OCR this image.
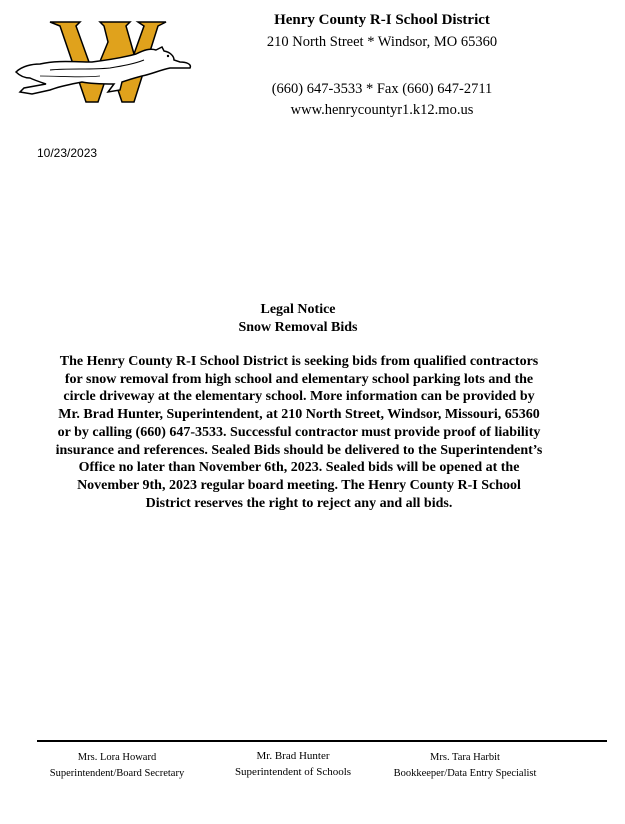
Henry County R-I School District
210 North Street * Windsor, MO 65360
(660) 647-3533 * Fax (660) 647-2711
www.henrycountyr1.k12.mo.us
10/23/2023
Legal Notice
Snow Removal Bids
The Henry County R-I School District is seeking bids from qualified contractors
for snow removal from high school and elementary school parking lots and the
circle driveway at the elementary school. More information can be provided by
Mr. Brad Hunter, Superintendent, at 210 North Street, Windsor, Missouri, 65360
or by calling (660) 647-3533. Successful contractor must provide proof of liability
insurance and references. Sealed Bids should be delivered to the Superintendent’s
Office no later than November 6th, 2023. Sealed bids will be opened at the
November 9th, 2023 regular board meeting. The Henry County R-I School
District reserves the right to reject any and all bids.
Mrs. Lora Howard
Superintendent/Board Secretary
Mr. Brad Hunter
Superintendent of Schools
Mrs. Tara Harbit
Bookkeeper/Data Entry Specialist
